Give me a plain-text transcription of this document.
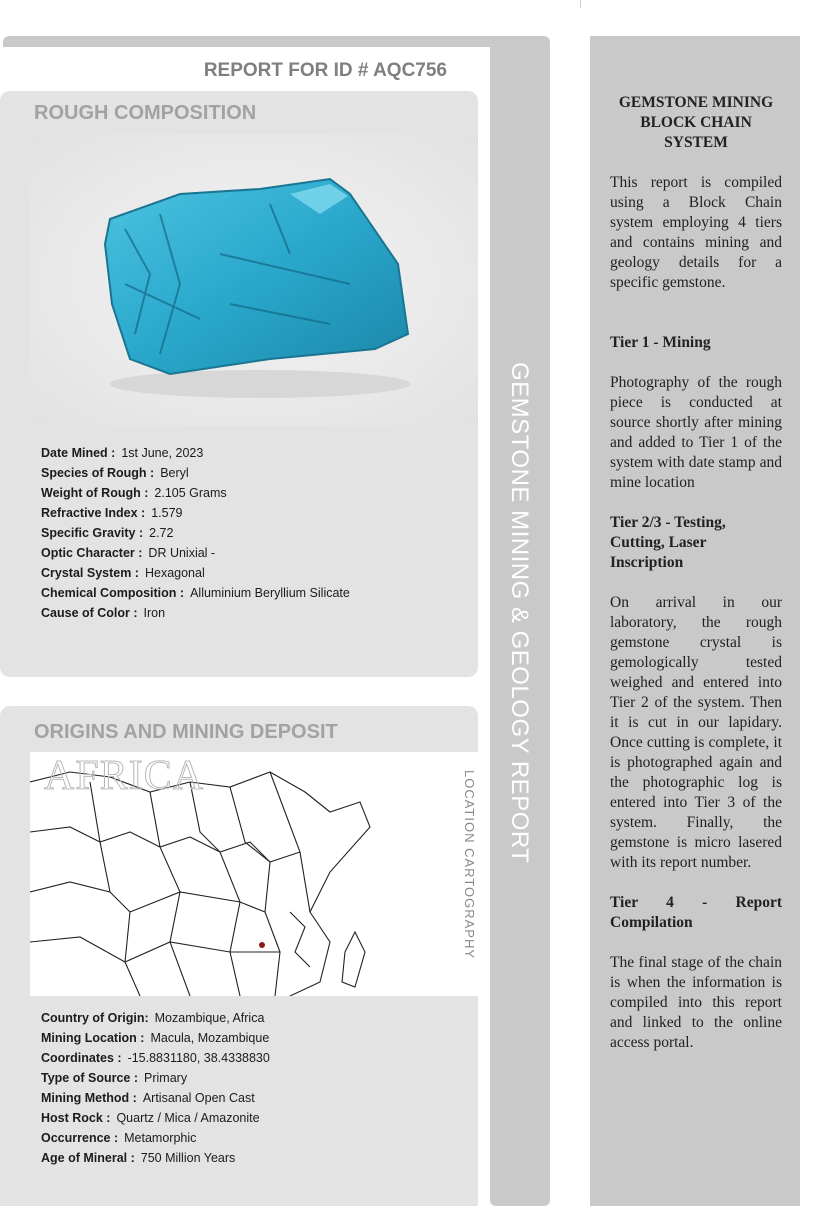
GEMSTONE MINING & GEOLOGY REPORT
REPORT FOR ID # AQC756
ROUGH COMPOSITION
Date Mined : 1st June, 2023
Species of Rough : Beryl
Weight of Rough : 2.105 Grams
Refractive Index : 1.579
Specific Gravity : 2.72
Optic Character : DR Unixial -
Crystal System : Hexagonal
Chemical Composition : Alluminium Beryllium Silicate
Cause of Color : Iron
ORIGINS AND MINING DEPOSIT
AFRICA	LOCATION CARTOGRAPHY
Country of Origin: Mozambique, Africa
Mining Location : Macula, Mozambique
Coordinates : -15.8831180, 38.4338830
Type of Source : Primary
Mining Method : Artisanal Open Cast
Host Rock : Quartz / Mica / Amazonite
Occurrence : Metamorphic
Age of Mineral : 750 Million Years
GEMSTONE MINING BLOCK CHAIN SYSTEM

This report is compiled using a Block Chain system employing 4 tiers and contains mining and geology details for a specific gemstone.

Tier 1 - Mining

Photography of the rough piece is conducted at source shortly after mining and added to Tier 1 of the system with date stamp and mine location

Tier 2/3 - Testing, Cutting, Laser Inscription

On arrival in our laboratory, the rough gemstone crystal is gemologically tested weighed and entered into Tier 2 of the system. Then it is cut in our lapidary. Once cutting is complete, it is photographed again and the photographic log is entered into Tier 3 of the system. Finally, the gemstone is micro lasered with its report number.

Tier 4 - Report Compilation

The final stage of the chain is when the information is compiled into this report and linked to the online access portal.
